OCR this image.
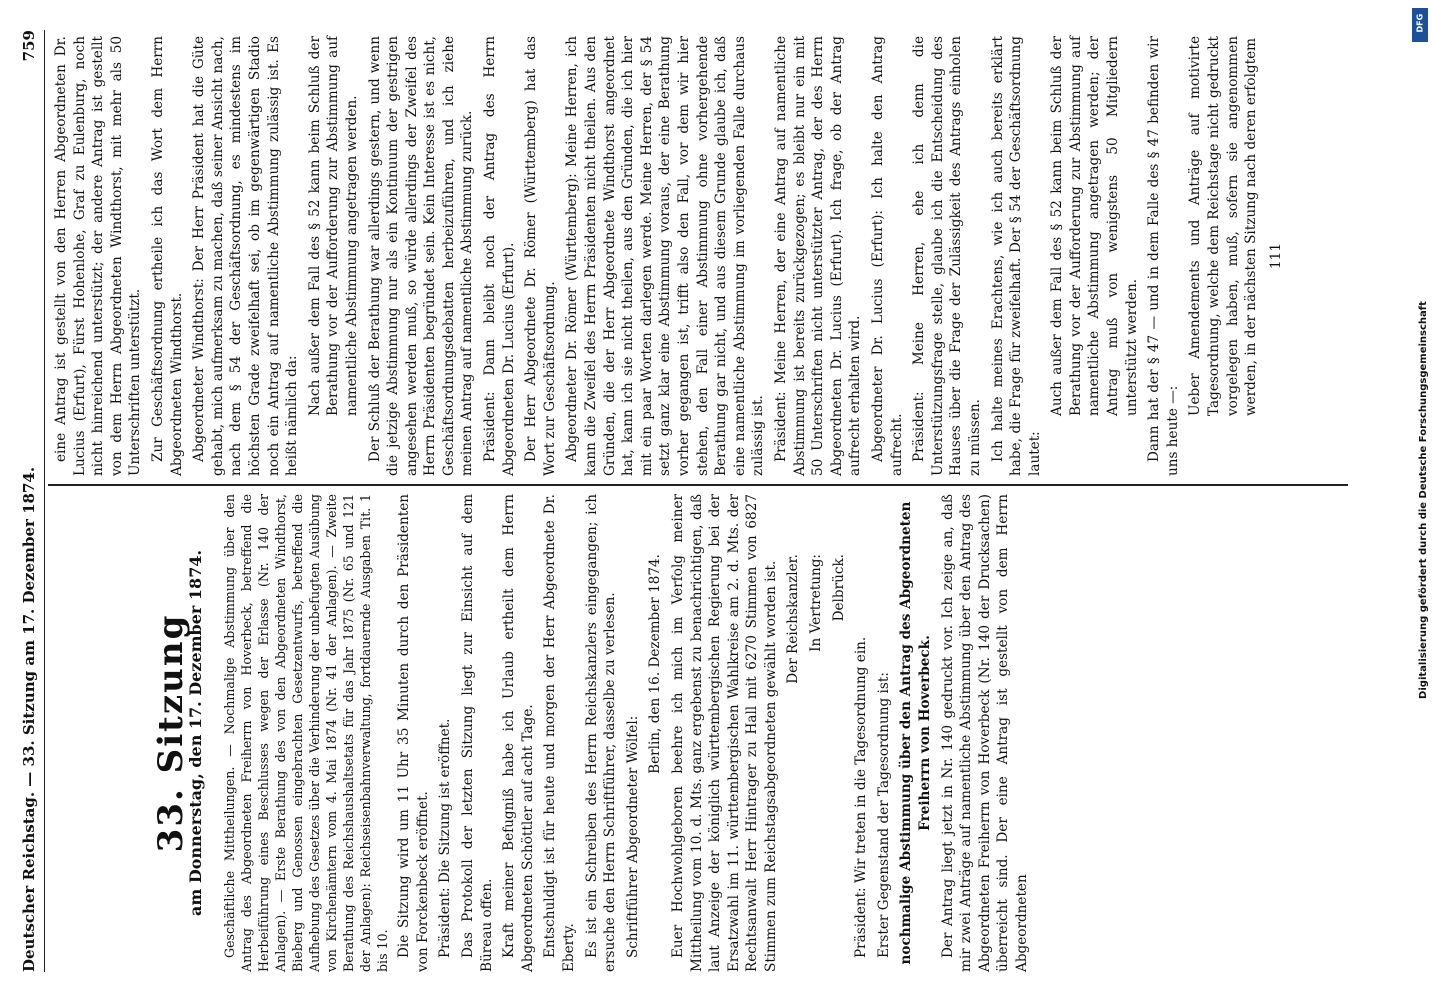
Deutscher Reichstag. — 33. Sitzung am 17. Dezember 1874.
759
33. Sitzung
am Donnerstag, den 17. Dezember 1874. Geschäftliche Mittheilungen. — Nochmalige Abstimmung über den Antrag des Abgeordneten Freiherrn von Hoverbeck, betreffend die Herbeiführung eines Beschlusses wegen der Erlasse (Nr. 140 der Anlagen). — Erste Berathung des von den Abgeordneten Windthorst, Bieberg und Genossen eingebrachten Gesetzentwurfs, betreffend die Aufhebung des Gesetzes über die Verhinderung der unbefugten Ausübung von Kirchenämtern vom 4. Mai 1874 (Nr. 41 der Anlagen). — Zweite Berathung des Reichshaushaltsetats für das Jahr 1875 (Nr. 65 und 121 der Anlagen): Reichseisenbahnverwaltung, fortdauernde Ausgaben Tit. 1 bis 10. Die Sitzung wird um 11 Uhr 35 Minuten durch den Präsidenten von Forckenbeck eröffnet. Präsident: Die Sitzung ist eröffnet. Das Protokoll der letzten Sitzung liegt zur Einsicht auf dem Büreau offen. Kraft meiner Befugniß habe ich Urlaub ertheilt dem Herrn Abgeordneten Schöttler auf acht Tage. Entschuldigt ist für heute und morgen der Herr Abgeordnete Dr. Eberty. Es ist ein Schreiben des Herrn Reichskanzlers eingegangen; ich ersuche den Herrn Schriftführer, dasselbe zu verlesen. Schriftführer Abgeordneter Wölfel:

Berlin, den 16. Dezember 1874. Euer Hochwohlgeboren beehre ich mich im Verfolg meiner Mittheilung vom 10. d. Mts. ganz ergebenst zu benachrichtigen, daß laut Anzeige der königlich württembergischen Regierung bei der Ersatzwahl im 11. württembergischen Wahlkreise am 2. d. Mts. der Rechtsanwalt Herr Hintrager zu Hall mit 6270 Stimmen von 6827 Stimmen zum Reichstagsabgeordneten gewählt worden ist. Der Reichskanzler. In Vertretung: Delbrück.

Präsident: Wir treten in die Tagesordnung ein. Erster Gegenstand der Tagesordnung ist: nochmalige Abstimmung über den Antrag des Abgeordneten Freiherrn von Hoverbeck. Der Antrag liegt jetzt in Nr. 140 gedruckt vor. Ich zeige an, daß mir zwei Anträge auf namentliche Abstimmung über den Antrag des Abgeordneten Freiherrn von Hoverbeck (Nr. 140 der Drucksachen) überreicht sind. Der eine Antrag ist gestellt von dem Herrn Abgeordneten

eine Antrag ist gestellt von den Herren Abgeordneten Dr. Lucius (Erfurt), Fürst Hohenlohe, Graf zu Eulenburg, noch nicht hinreichend unterstützt; der andere Antrag ist gestellt von dem Herrn Abgeordneten Windthorst, mit mehr als 50 Unterschriften unterstützt. Zur Geschäftsordnung ertheile ich das Wort dem Herrn Abgeordneten Windthorst. Abgeordneter Windthorst: Der Herr Präsident hat die Güte gehabt, mich aufmerksam zu machen, daß seiner Ansicht nach, nach dem § 54 der Geschäftsordnung, es mindestens im höchsten Grade zweifelhaft sei, ob im gegenwärtigen Stadio noch ein Antrag auf namentliche Abstimmung zulässig ist. Es heißt nämlich da: Nach außer dem Fall des § 52 kann beim Schluß der Berathung vor der Aufforderung zur Abstimmung auf namentliche Abstimmung angetragen werden. Der Schluß der Berathung war allerdings gestern, und wenn die jetzige Abstimmung nur als ein Kontinuum der gestrigen angesehen werden muß, so würde allerdings der Zweifel des Herrn Präsidenten begründet sein. Kein Interesse ist es nicht, Geschäftsordnungsdebatten herbeizuführen, und ich ziehe meinen Antrag auf namentliche Abstimmung zurück. Präsident: Dann bleibt noch der Antrag des Herrn Abgeordneten Dr. Lucius (Erfurt). Der Herr Abgeordnete Dr. Römer (Württemberg) hat das Wort zur Geschäftsordnung. Abgeordneter Dr. Römer (Württemberg): Meine Herren, ich kann die Zweifel des Herrn Präsidenten nicht theilen. Aus den Gründen, die der Herr Abgeordnete Windthorst angeordnet hat, kann ich sie nicht theilen, aus den Gründen, die ich hier mit ein paar Worten darlegen werde. Meine Herren, der § 54 setzt ganz klar eine Abstimmung voraus, der eine Berathung vorher gegangen ist, trifft also den Fall, vor dem wir hier stehen, den Fall einer Abstimmung ohne vorhergehende Berathung gar nicht, und aus diesem Grunde glaube ich, daß eine namentliche Abstimmung im vorliegenden Falle durchaus zulässig ist. Präsident: Meine Herren, der eine Antrag auf namentliche Abstimmung ist bereits zurückgezogen; es bleibt nur ein mit 50 Unterschriften nicht unterstützter Antrag, der des Herrn Abgeordneten Dr. Lucius (Erfurt). Ich frage, ob der Antrag aufrecht erhalten wird. Abgeordneter Dr. Lucius (Erfurt): Ich halte den Antrag aufrecht. Präsident: Meine Herren, ehe ich denn die Unterstützungsfrage stelle, glaube ich die Entscheidung des Hauses über die Frage der Zulässigkeit des Antrags einholen zu müssen. Ich halte meines Erachtens, wie ich auch bereits erklärt habe, die Frage für zweifelhaft. Der § 54 der Geschäftsordnung lautet:

Auch außer dem Fall des § 52 kann beim Schluß der Berathung vor der Aufforderung zur Abstimmung auf namentliche Abstimmung angetragen werden; der Antrag muß von wenigstens 50 Mitgliedern unterstützt werden. Dann hat der § 47 — und in dem Falle des § 47 befinden wir uns heute —:

Ueber Amendements und Anträge auf motivirte Tagesordnung, welche dem Reichstage nicht gedruckt vorgelegen haben, muß, sofern sie angenommen werden, in der nächsten Sitzung nach deren erfolgtem 111

Digitalisierung gefördert durch die Deutsche Forschungsgemeinschaft
DFG
